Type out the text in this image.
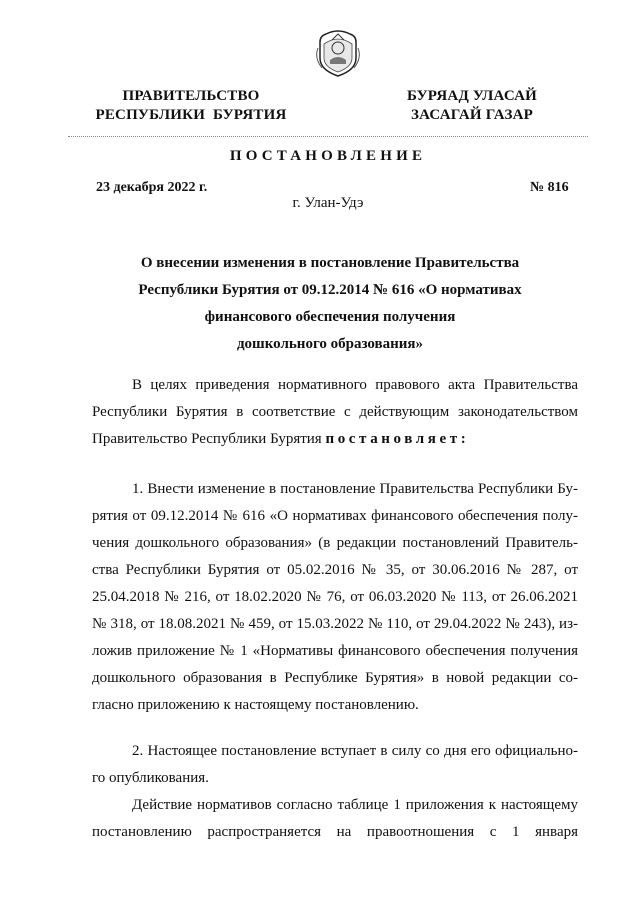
ПРАВИТЕЛЬСТВО
РЕСПУБЛИКИ  БУРЯТИЯ
БУРЯАД УЛАСАЙ
ЗАСАГАЙ ГАЗАР
ПОСТАНОВЛЕНИЕ
23 декабря 2022 г.	№ 816
г. Улан-Удэ
О внесении изменения в постановление Правительства
Республики Бурятия от 09.12.2014 № 616 «О нормативах
финансового обеспечения получения
дошкольного образования»
В целях приведения нормативного правового акта Правительства
Республики Бурятия в соответствие с действующим законодательством
Правительство Республики Бурятия постановляет:
1. Внести изменение в постановление Правительства Республики Бу-
рятия от 09.12.2014 № 616 «О нормативах финансового обеспечения полу-
чения дошкольного образования» (в редакции постановлений Правитель-
ства Республики Бурятия от 05.02.2016 № 35, от 30.06.2016 № 287, от
25.04.2018 № 216, от 18.02.2020 № 76, от 06.03.2020 № 113, от 26.06.2021
№ 318, от 18.08.2021 № 459, от 15.03.2022 № 110, от 29.04.2022 № 243), из-
ложив приложение № 1 «Нормативы финансового обеспечения получения
дошкольного образования в Республике Бурятия» в новой редакции со-
гласно приложению к настоящему постановлению.
2. Настоящее постановление вступает в силу со дня его официально-
го опубликования.
Действие нормативов согласно таблице 1 приложения к настоящему
постановлению распространяется на правоотношения с 1 января
